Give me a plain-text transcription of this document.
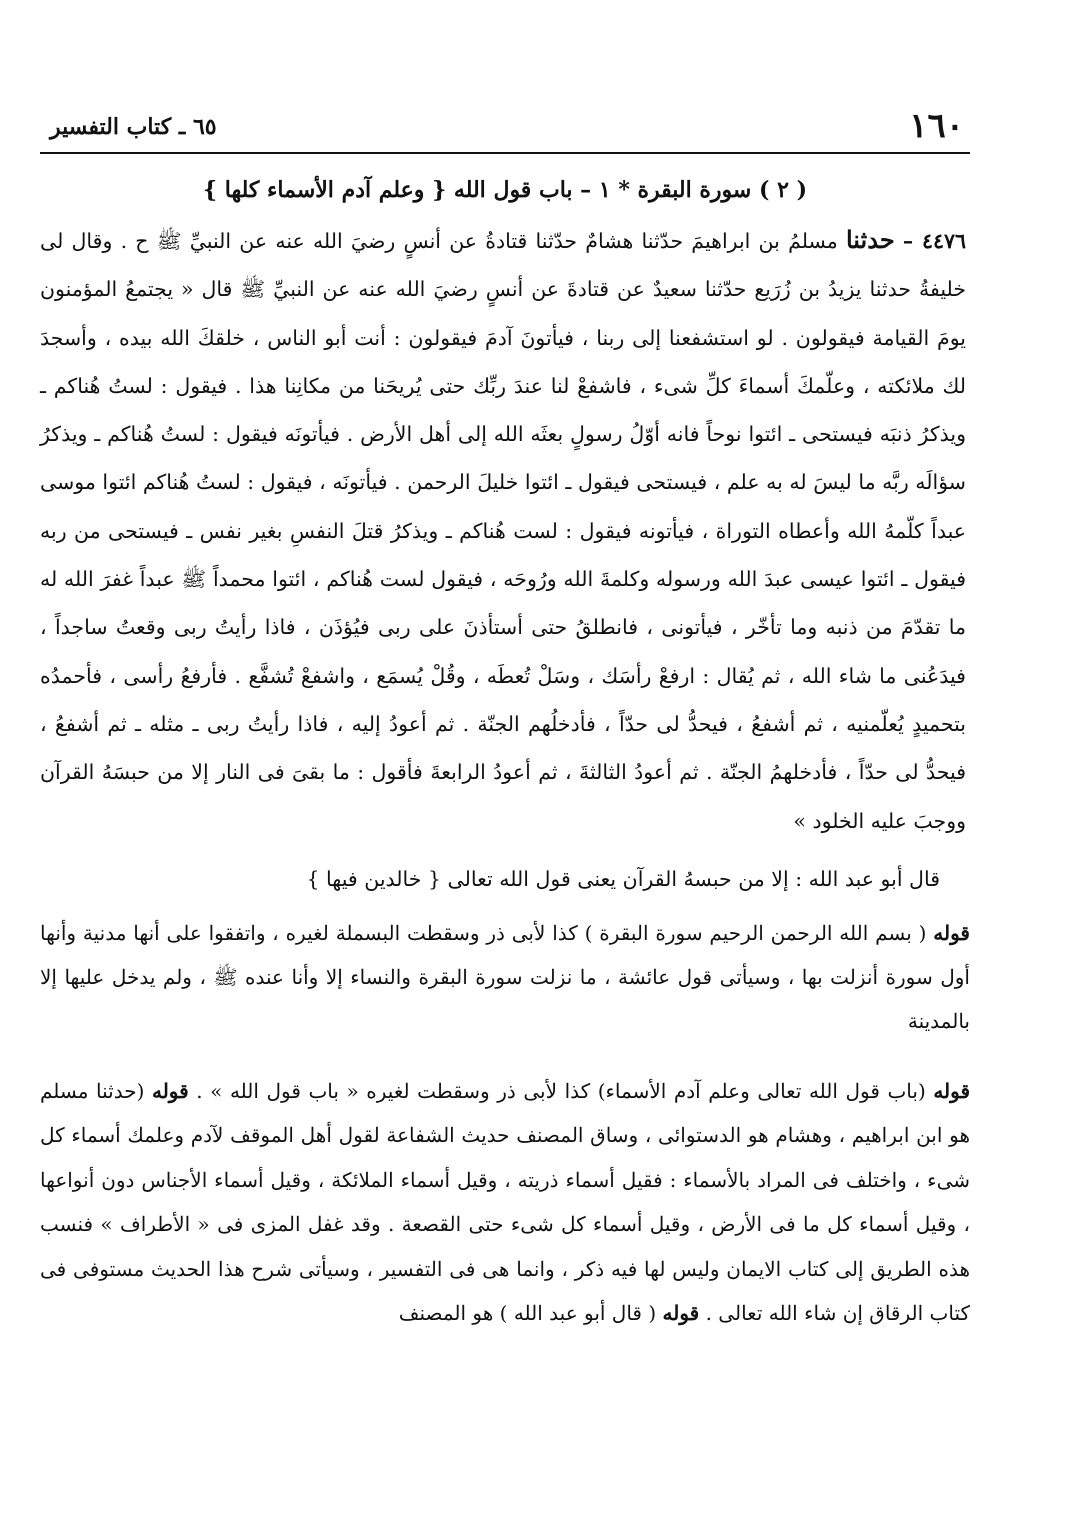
١٦٠
٦٥ ـ كتاب التفسير
( ٢ ) سورة البقرة * ١ – باب قول الله { وعلم آدم الأسماء كلها }
٤٤٧٦ – حدثنا مسلمُ بن ابراهيمَ حدّثنا هشامٌ حدّثنا قتادةُ عن أنسٍ رضيَ الله عنه عن النبيِّ ﷺ ح . وقال لى خليفةُ حدثنا يزيدُ بن زُرَيع حدّثنا سعيدٌ عن قتادةَ عن أنسٍ رضيَ الله عنه عن النبيِّ ﷺ قال « يجتمعُ المؤمنون يومَ القيامة فيقولون . لو استشفعنا إلى ربنا ، فيأتونَ آدمَ فيقولون : أنت أبو الناس ، خلقكَ الله بيده ، وأسجدَ لك ملائكته ، وعلّمكَ أسماءَ كلِّ شىء ، فاشفعْ لنا عندَ ربِّك حتى يُريحَنا من مكانِنا هذا . فيقول : لستُ هُناكم ـ ويذكرُ ذنبَه فيستحى ـ ائتوا نوحاً فانه أوّلُ رسولٍ بعثَه الله إلى أهل الأرض . فيأتونَه فيقول : لستُ هُناكم ـ ويذكرُ سؤالَه ربَّه ما ليسَ له به علم ، فيستحى فيقول ـ ائتوا خليلَ الرحمن . فيأتونَه ، فيقول : لستُ هُناكم ائتوا موسى عبداً كلّمهُ الله وأعطاه التوراة ، فيأتونه فيقول : لست هُناكم ـ ويذكرُ قتلَ النفسِ بغير نفس ـ فيستحى من ربه فيقول ـ ائتوا عيسى عبدَ الله ورسوله وكلمةَ الله ورُوحَه ، فيقول لست هُناكم ، ائتوا محمداً ﷺ عبداً غفرَ الله له ما تقدّمَ من ذنبه وما تأخّر ، فيأتونى ، فانطلقُ حتى أستأذنَ على ربى فيُؤذَن ، فاذا رأيتُ ربى وقعتُ ساجداً ، فيدَعُنى ما شاء الله ، ثم يُقال : ارفعْ رأسَك ، وسَلْ تُعطَه ، وقُلْ يُسمَع ، واشفعْ تُشفَّع . فأرفعُ رأسى ، فأحمدُه بتحميدٍ يُعلّمنيه ، ثم أشفعُ ، فيحدُّ لى حدّاً ، فأدخلُهم الجنّة . ثم أعودُ إليه ، فاذا رأيتُ ربى ـ مثله ـ ثم أشفعُ ، فيحدُّ لى حدّاً ، فأدخلهمُ الجنّة . ثم أعودُ الثالثةَ ، ثم أعودُ الرابعةَ فأقول : ما بقىَ فى النار إلا من حبسَهُ القرآن ووجبَ عليه الخلود »
قال أبو عبد الله : إلا من حبسهُ القرآن يعنى قول الله تعالى { خالدين فيها }
قوله ( بسم الله الرحمن الرحيم سورة البقرة ) كذا لأبى ذر وسقطت البسملة لغيره ، واتفقوا على أنها مدنية وأنها أول سورة أنزلت بها ، وسيأتى قول عائشة ، ما نزلت سورة البقرة والنساء إلا وأنا عنده ﷺ ، ولم يدخل عليها إلا بالمدينة
قوله (باب قول الله تعالى وعلم آدم الأسماء) كذا لأبى ذر وسقطت لغيره « باب قول الله » . قوله (حدثنا مسلم هو ابن ابراهيم ، وهشام هو الدستوائى ، وساق المصنف حديث الشفاعة لقول أهل الموقف لآدم وعلمك أسماء كل شىء ، واختلف فى المراد بالأسماء : فقيل أسماء ذريته ، وقيل أسماء الملائكة ، وقيل أسماء الأجناس دون أنواعها ، وقيل أسماء كل ما فى الأرض ، وقيل أسماء كل شىء حتى القصعة . وقد غفل المزى فى « الأطراف » فنسب هذه الطريق إلى كتاب الايمان وليس لها فيه ذكر ، وانما هى فى التفسير ، وسيأتى شرح هذا الحديث مستوفى فى كتاب الرقاق إن شاء الله تعالى . قوله ( قال أبو عبد الله ) هو المصنف
